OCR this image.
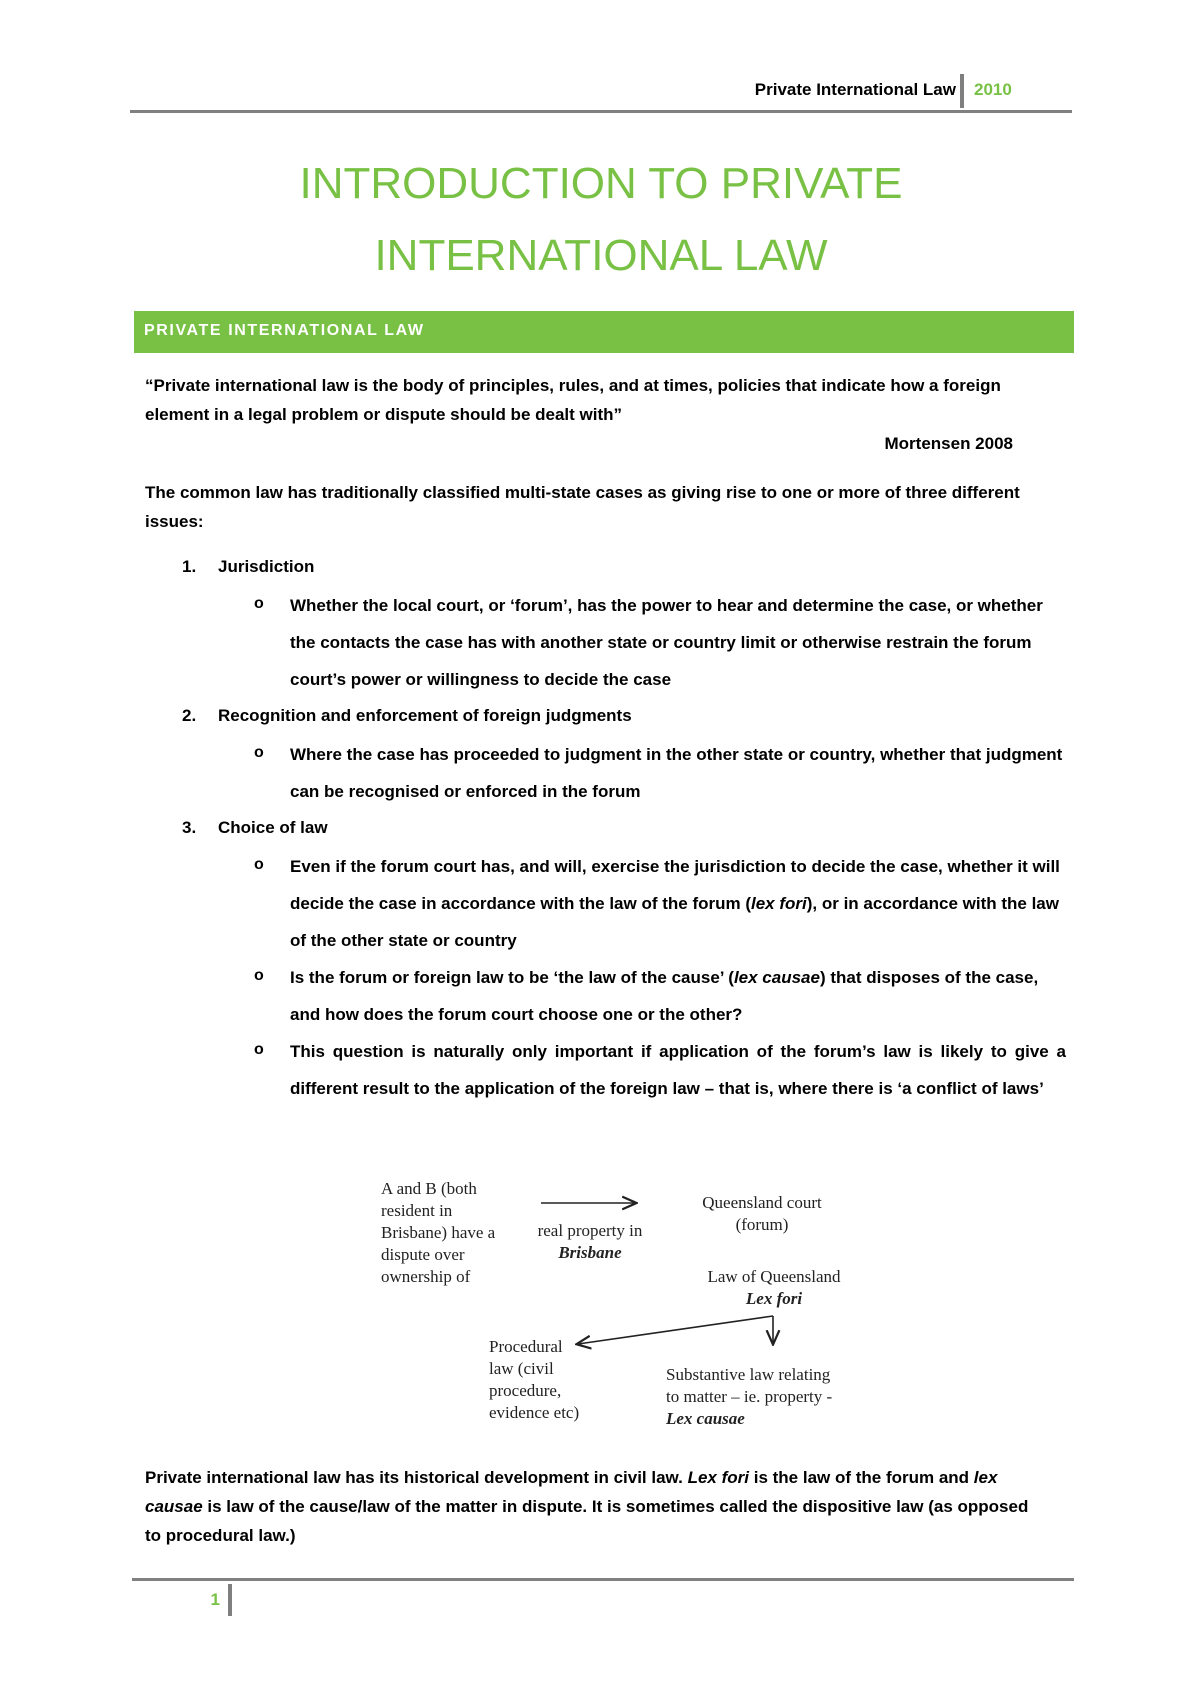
Private International Law 2010
INTRODUCTION TO PRIVATE
INTERNATIONAL LAW
PRIVATE INTERNATIONAL LAW
“Private international law is the body of principles, rules, and at times, policies that indicate how a foreign element in a legal problem or dispute should be dealt with”
Mortensen 2008
The common law has traditionally classified multi-state cases as giving rise to one or more of three different issues:
1. Jurisdiction
o Whether the local court, or ‘forum’, has the power to hear and determine the case, or whether the contacts the case has with another state or country limit or otherwise restrain the forum court’s power or willingness to decide the case
2. Recognition and enforcement of foreign judgments
o Where the case has proceeded to judgment in the other state or country, whether that judgment can be recognised or enforced in the forum
3. Choice of law
o Even if the forum court has, and will, exercise the jurisdiction to decide the case, whether it will decide the case in accordance with the law of the forum (lex fori), or in accordance with the law of the other state or country
o Is the forum or foreign law to be ‘the law of the cause’ (lex causae) that disposes of the case, and how does the forum court choose one or the other?
o This question is naturally only important if application of the forum’s law is likely to give a different result to the application of the foreign law – that is, where there is ‘a conflict of laws’
A and B (both
resident in
Brisbane) have a
dispute over
ownership of
real property in
Brisbane
Queensland court
(forum)
Law of Queensland
Lex fori
Procedural
law (civil
procedure,
evidence etc)
Substantive law relating
to matter – ie. property -
Lex causae
Private international law has its historical development in civil law. Lex fori is the law of the forum and lex causae is law of the cause/law of the matter in dispute. It is sometimes called the dispositive law (as opposed to procedural law.)
1
